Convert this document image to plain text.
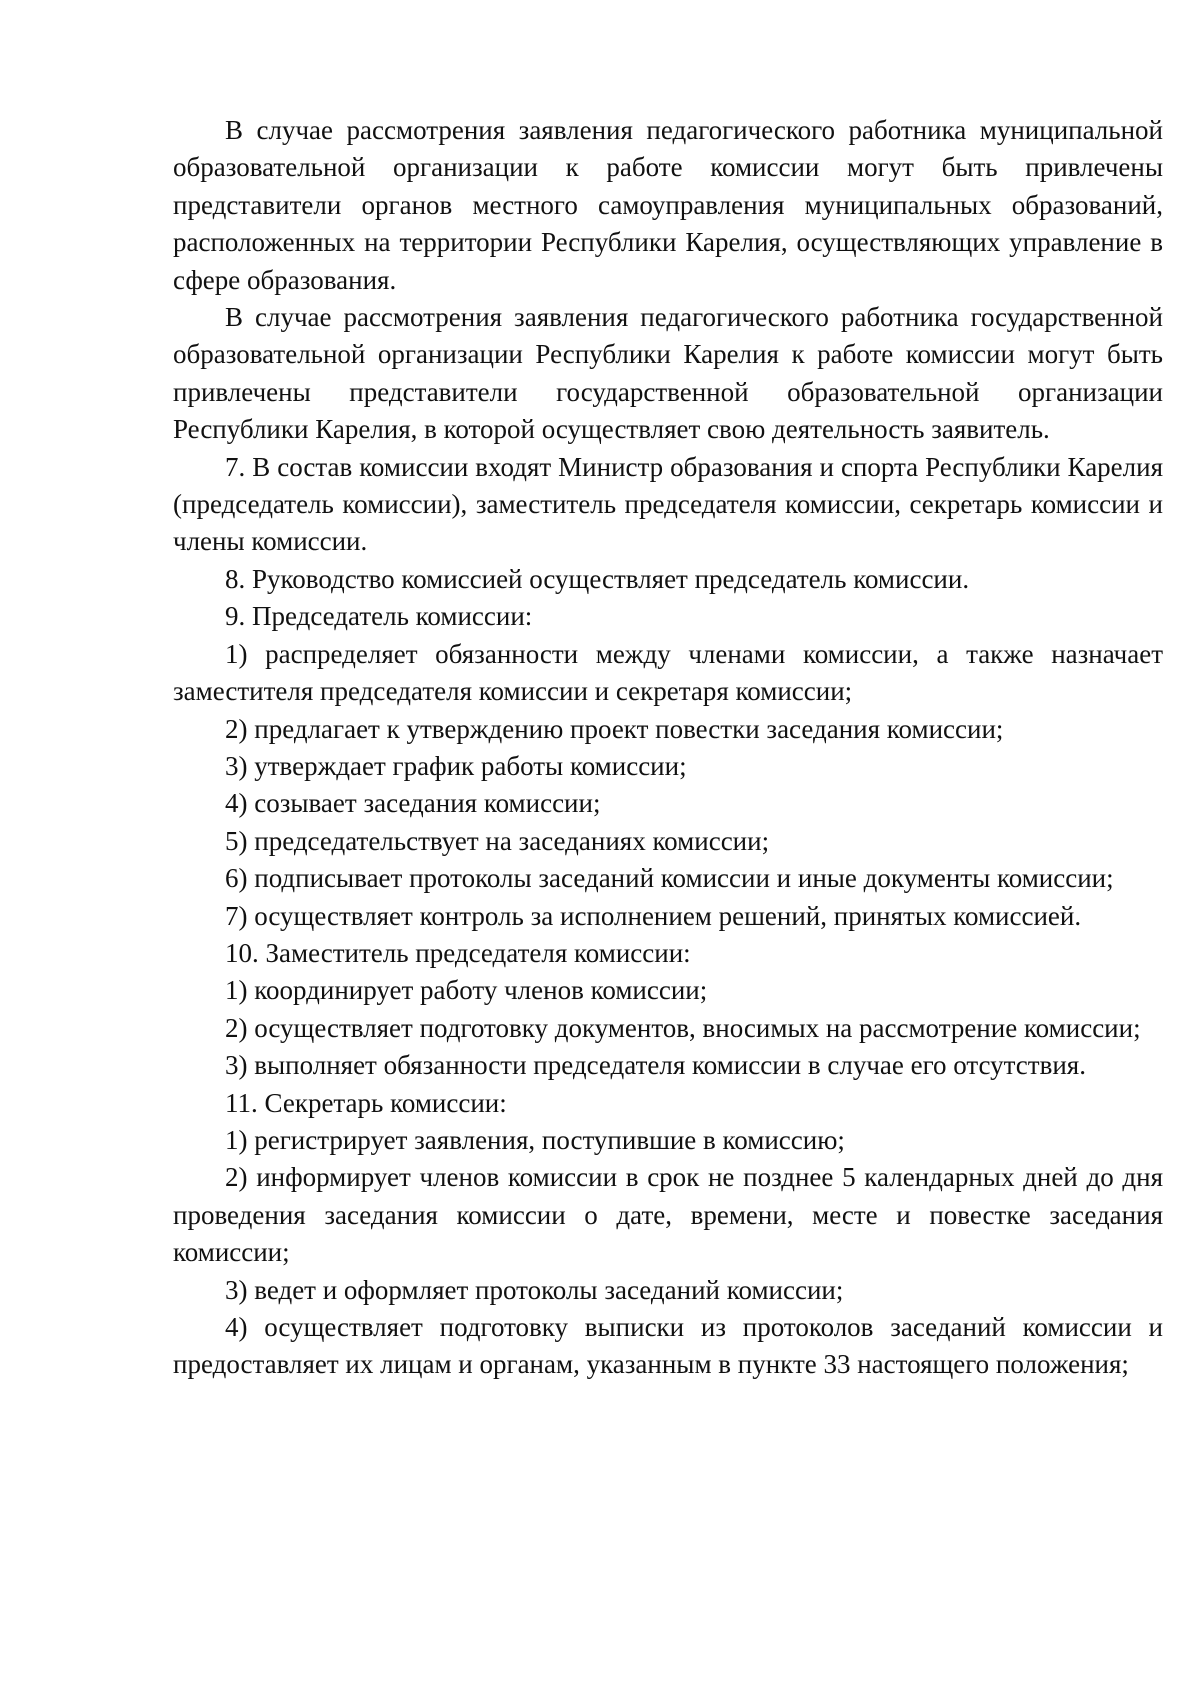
В случае рассмотрения заявления педагогического работника муниципальной образовательной организации к работе комиссии могут быть привлечены представители органов местного самоуправления муниципальных образований, расположенных на территории Республики Карелия, осуществляющих управление в сфере образования.

В случае рассмотрения заявления педагогического работника государственной образовательной организации Республики Карелия к работе комиссии могут быть привлечены представители государственной образовательной организации Республики Карелия, в которой осуществляет свою деятельность заявитель.

7. В состав комиссии входят Министр образования и спорта Республики Карелия (председатель комиссии), заместитель председателя комиссии, секретарь комиссии и члены комиссии.

8. Руководство комиссией осуществляет председатель комиссии.

9. Председатель комиссии:

1) распределяет обязанности между членами комиссии, а также назначает заместителя председателя комиссии и секретаря комиссии;

2) предлагает к утверждению проект повестки заседания комиссии;

3) утверждает график работы комиссии;

4) созывает заседания комиссии;

5) председательствует на заседаниях комиссии;

6) подписывает протоколы заседаний комиссии и иные документы комиссии;

7) осуществляет контроль за исполнением решений, принятых комиссией.

10. Заместитель председателя комиссии:

1) координирует работу членов комиссии;

2) осуществляет подготовку документов, вносимых на рассмотрение комиссии;

3) выполняет обязанности председателя комиссии в случае его отсутствия.

11. Секретарь комиссии:

1) регистрирует заявления, поступившие в комиссию;

2) информирует членов комиссии в срок не позднее 5 календарных дней до дня проведения заседания комиссии о дате, времени, месте и повестке заседания комиссии;

3) ведет и оформляет протоколы заседаний комиссии;

4) осуществляет подготовку выписки из протоколов заседаний комиссии и предоставляет их лицам и органам, указанным в пункте 33 настоящего положения;
